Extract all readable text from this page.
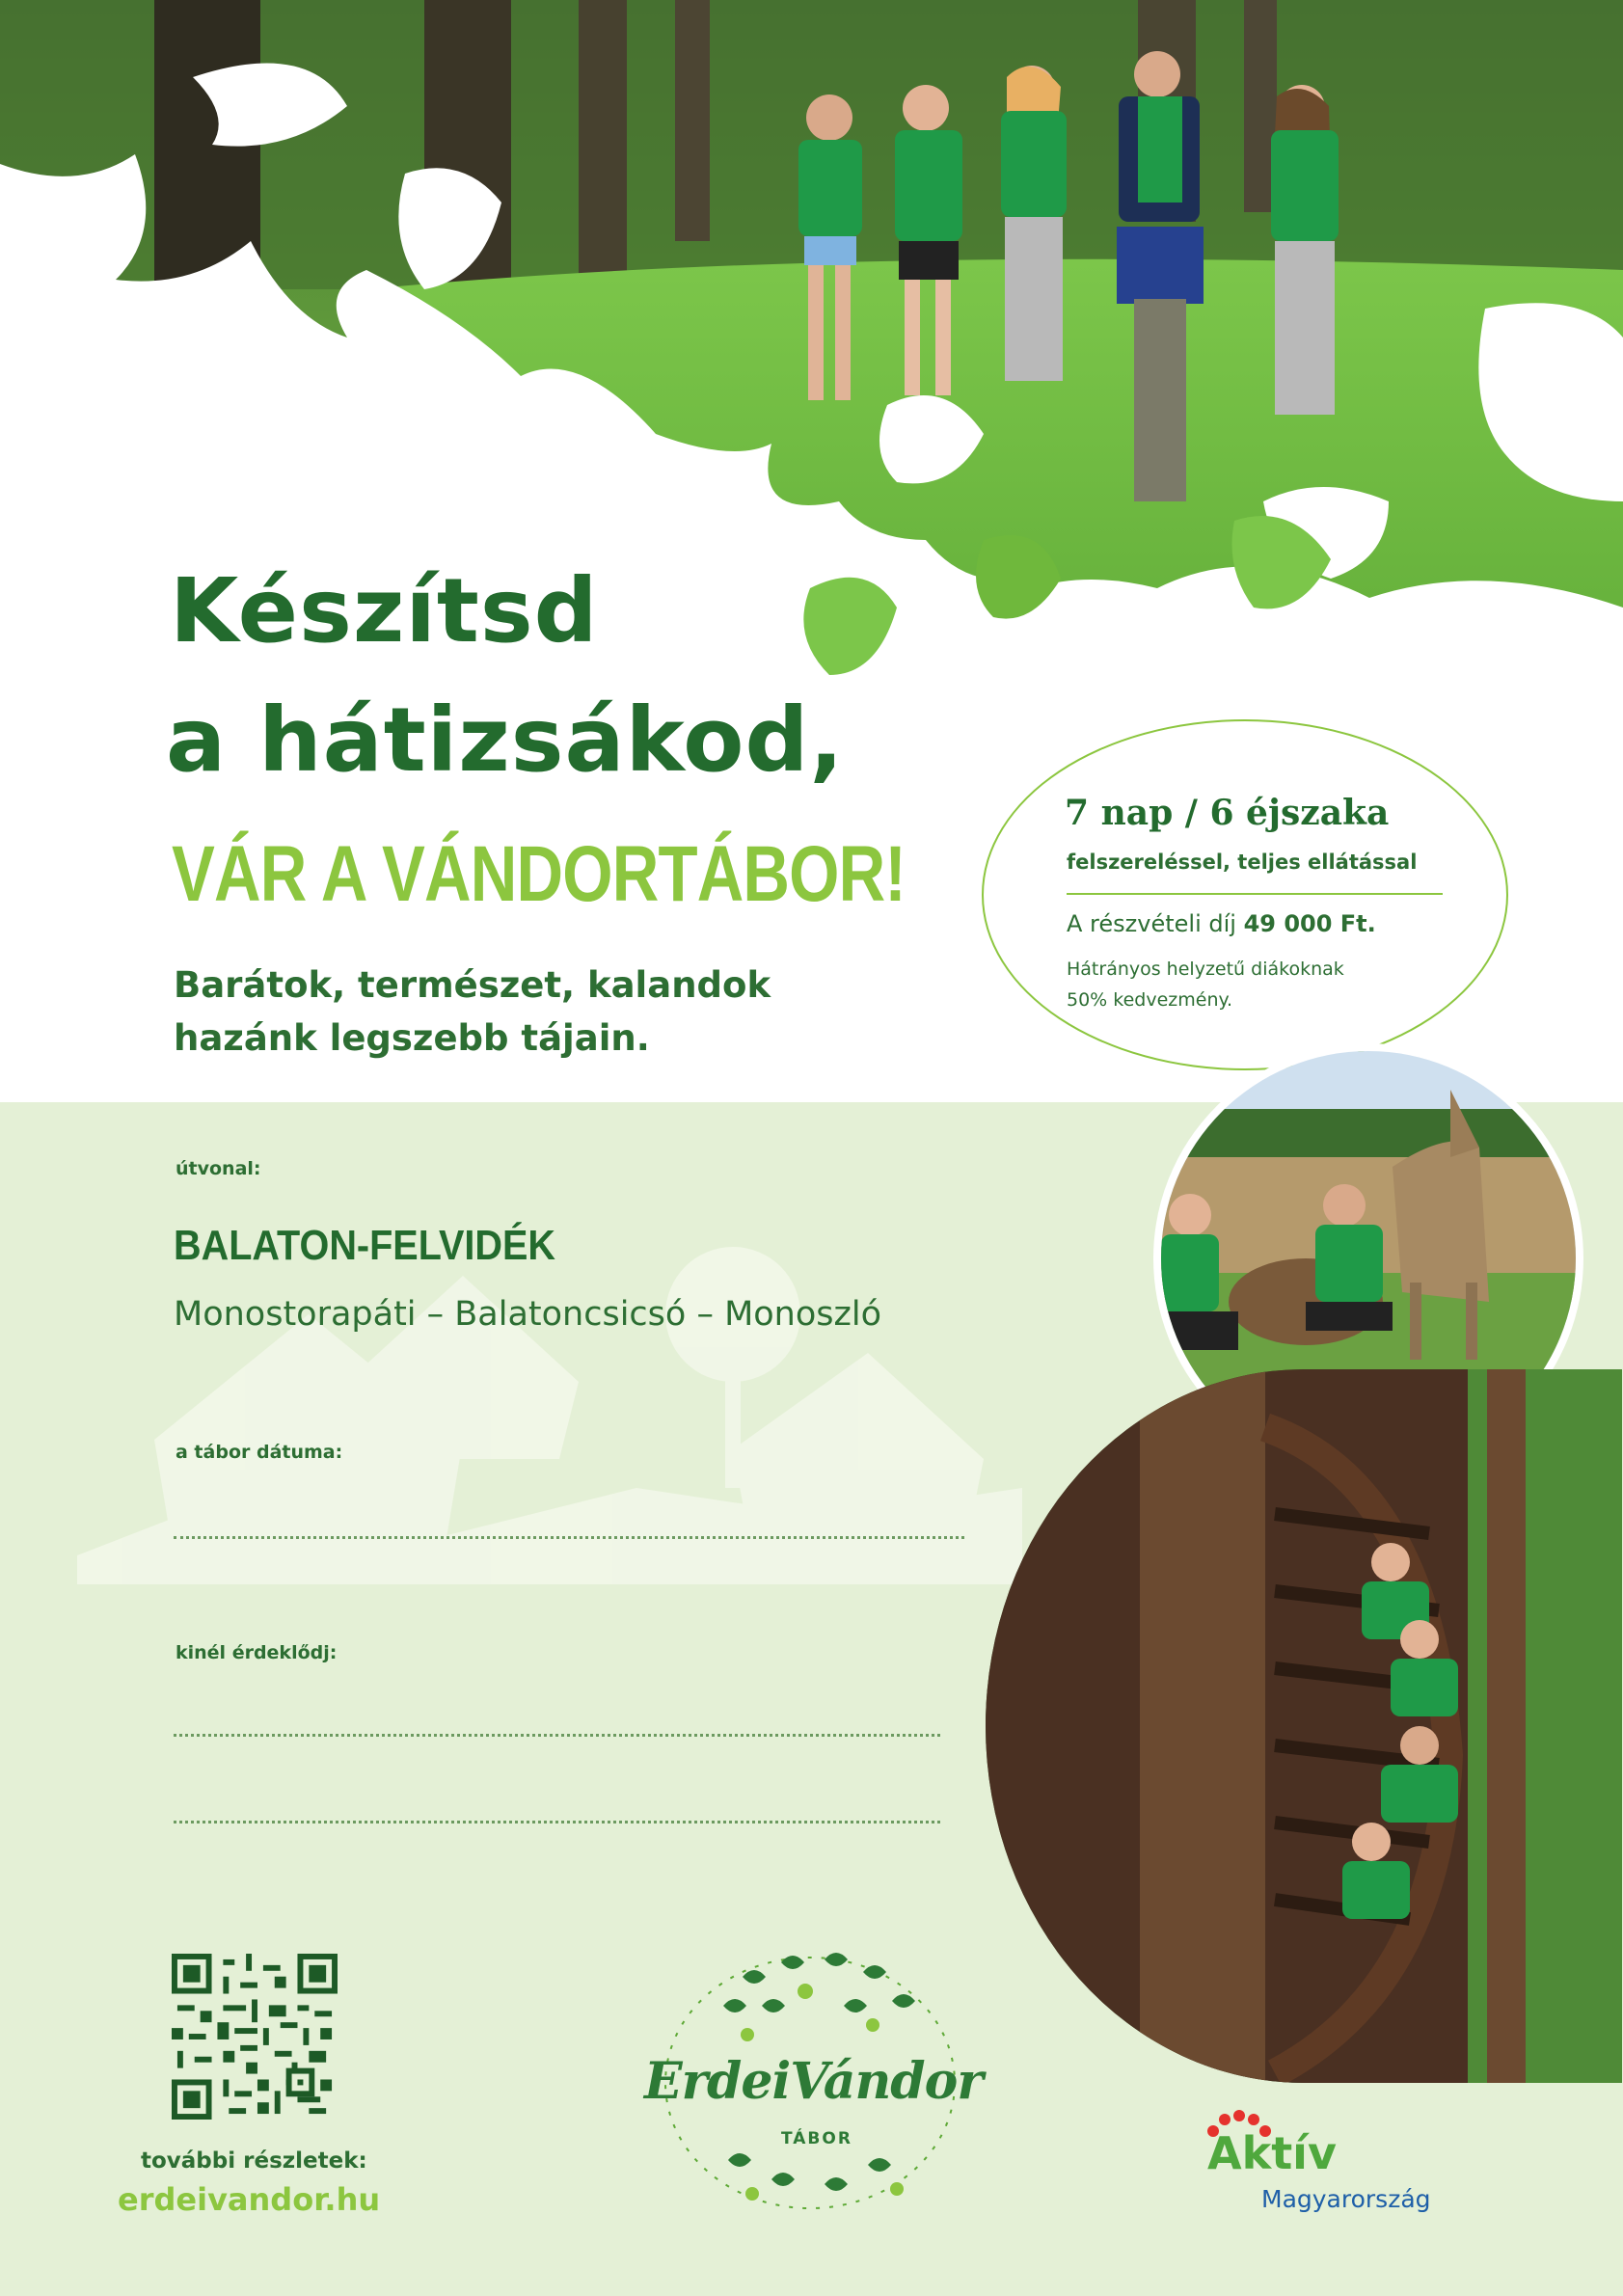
Készítsd
a hátizsákod,
VÁR A VÁNDORTÁBOR!
Barátok, természet, kalandok
hazánk legszebb tájain.
7 nap / 6 éjszaka
felszereléssel, teljes ellátással
A részvételi díj 49 000 Ft.
Hátrányos helyzetű diákoknak
50% kedvezmény.
útvonal:
BALATON-FELVIDÉK
Monostorapáti – Balatoncsicsó – Monoszló
a tábor dátuma:
kinél érdeklődj:
további részletek:
erdeivandor.hu
ErdeiVándor
TÁBOR	Aktív
Magyarország
